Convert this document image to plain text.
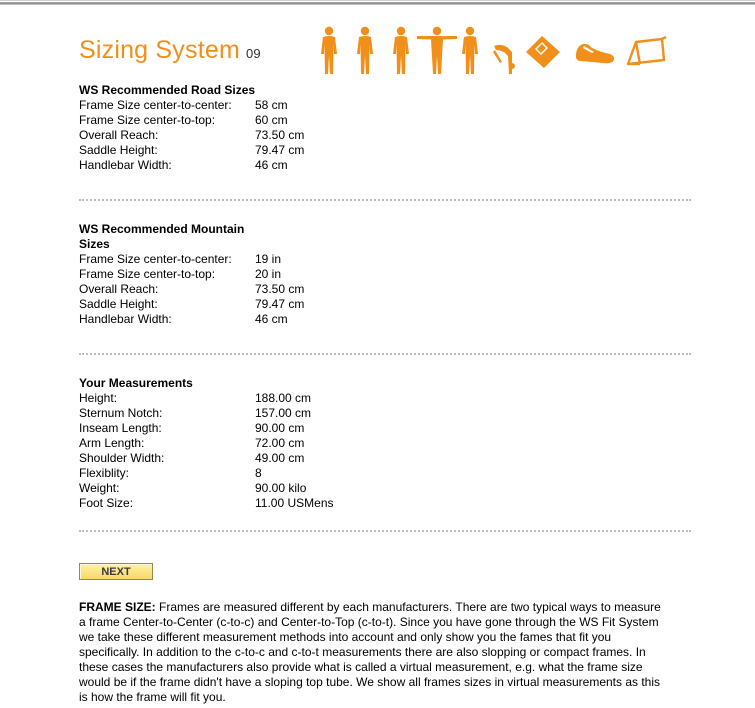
Sizing System 09
WS Recommended Road Sizes
Frame Size center-to-center:	58 cm
Frame Size center-to-top:	60 cm
Overall Reach:	73.50 cm
Saddle Height:	79.47 cm
Handlebar Width:	46 cm
WS Recommended Mountain Sizes
Frame Size center-to-center:	19 in
Frame Size center-to-top:	20 in
Overall Reach:	73.50 cm
Saddle Height:	79.47 cm
Handlebar Width:	46 cm
Your Measurements
Height:	188.00 cm
Sternum Notch:	157.00 cm
Inseam Length:	90.00 cm
Arm Length:	72.00 cm
Shoulder Width:	49.00 cm
Flexiblity:	8
Weight:	90.00 kilo
Foot Size:	11.00 USMens
NEXT
FRAME SIZE: Frames are measured different by each manufacturers. There are two typical ways to measure a frame Center-to-Center (c-to-c) and Center-to-Top (c-to-t). Since you have gone through the WS Fit System we take these different measurement methods into account and only show you the fames that fit you specifically. In addition to the c-to-c and c-to-t measurements there are also slopping or compact frames. In these cases the manufacturers also provide what is called a virtual measurement, e.g. what the frame size would be if the frame didn't have a sloping top tube. We show all frames sizes in virtual measurements as this is how the frame will fit you.
